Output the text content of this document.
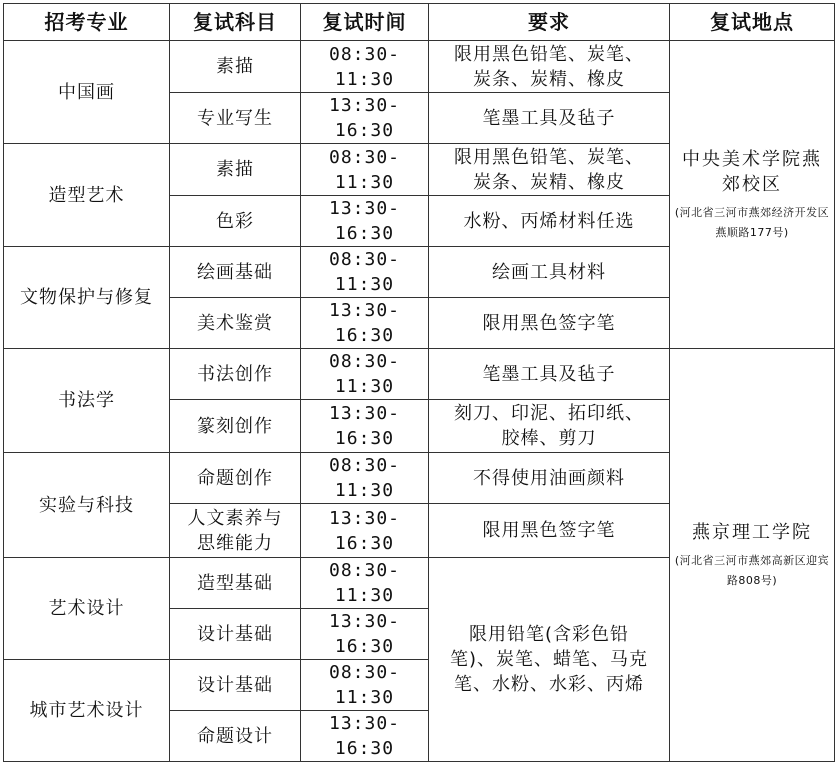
招考专业	复试科目	复试时间	要求	复试地点
中国画	素描	08:30-11:30	限用黑色铅笔、炭笔、炭条、炭精、橡皮	中央美术学院燕郊校区
(河北省三河市燕郊经济开发区燕顺路177号)

	专业写生	13:30-16:30	笔墨工具及毡子	
造型艺术	素描	08:30-11:30	限用黑色铅笔、炭笔、炭条、炭精、橡皮	
	色彩	13:30-16:30	水粉、丙烯材料任选	
文物保护与修复	绘画基础	08:30-11:30	绘画工具材料	
	美术鉴赏	13:30-16:30	限用黑色签字笔	
书法学	书法创作	08:30-11:30	笔墨工具及毡子	燕京理工学院
(河北省三河市燕郊高新区迎宾路808号)

	篆刻创作	13:30-16:30	刻刀、印泥、拓印纸、胶棒、剪刀	
实验与科技	命题创作	08:30-11:30	不得使用油画颜料	
	人文素养与思维能力	13:30-16:30	限用黑色签字笔	
艺术设计	造型基础	08:30-11:30	限用铅笔(含彩色铅笔)、炭笔、蜡笔、马克笔、水粉、水彩、丙烯	
	设计基础	13:30-16:30		
城市艺术设计	设计基础	08:30-11:30		
	命题设计	13:30-16:30		
